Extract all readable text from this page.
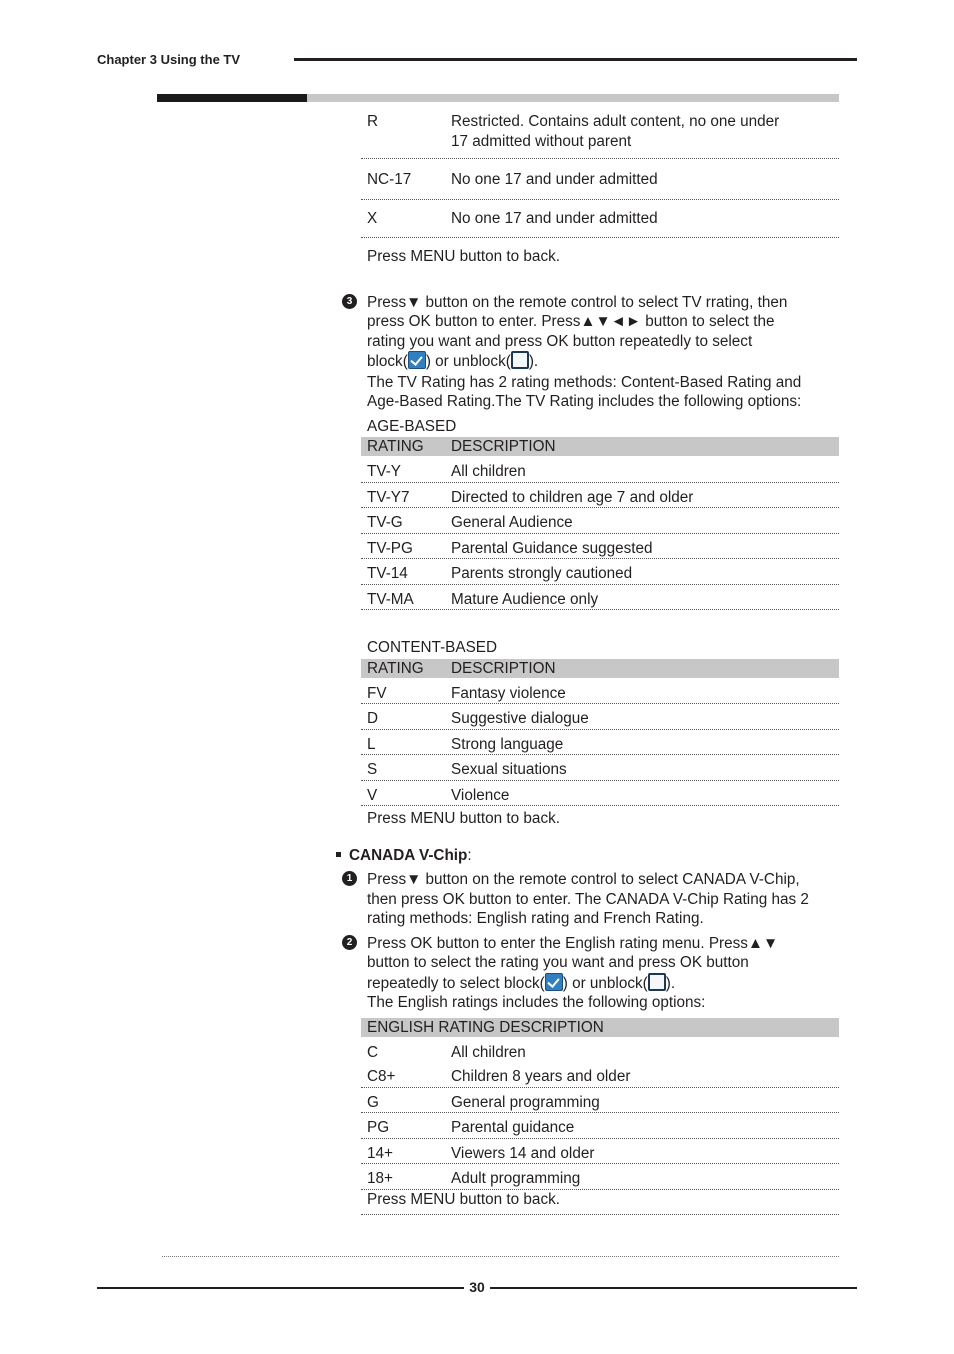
Chapter 3 Using the TV
R	Restricted. Contains adult content, no one under
17 admitted without parent
NC-17	No one 17 and under admitted
X	No one 17 and under admitted
Press MENU button to back.
3 Press▼ button on the remote control to select TV rrating, then
press OK button to enter. Press▲▼◄► button to select the
rating you want and press OK button repeatedly to select
block( ) or unblock( ).
The TV Rating has 2 rating methods: Content-Based Rating and
Age-Based Rating.The TV Rating includes the following options:
AGE-BASED
RATING	DESCRIPTION
TV-Y	All children
TV-Y7	Directed to children age 7 and older
TV-G	General Audience
TV-PG	Parental Guidance suggested
TV-14	Parents strongly cautioned
TV-MA	Mature Audience only
CONTENT-BASED
RATING	DESCRIPTION
FV	Fantasy violence
D	Suggestive dialogue
L	Strong language
S	Sexual situations
V	Violence
Press MENU button to back.
CANADA V-Chip:
1 Press▼ button on the remote control to select CANADA V-Chip,
then press OK button to enter. The CANADA V-Chip Rating has 2
rating methods: English rating and French Rating.
2 Press OK button to enter the English rating menu. Press▲▼
button to select the rating you want and press OK button
repeatedly to select block( ) or unblock( ).
The English ratings includes the following options:
ENGLISH RATING DESCRIPTION
C	All children
C8+	Children 8 years and older
G	General programming
PG	Parental guidance
14+	Viewers 14 and older
18+	Adult programming
Press MENU button to back.
30
